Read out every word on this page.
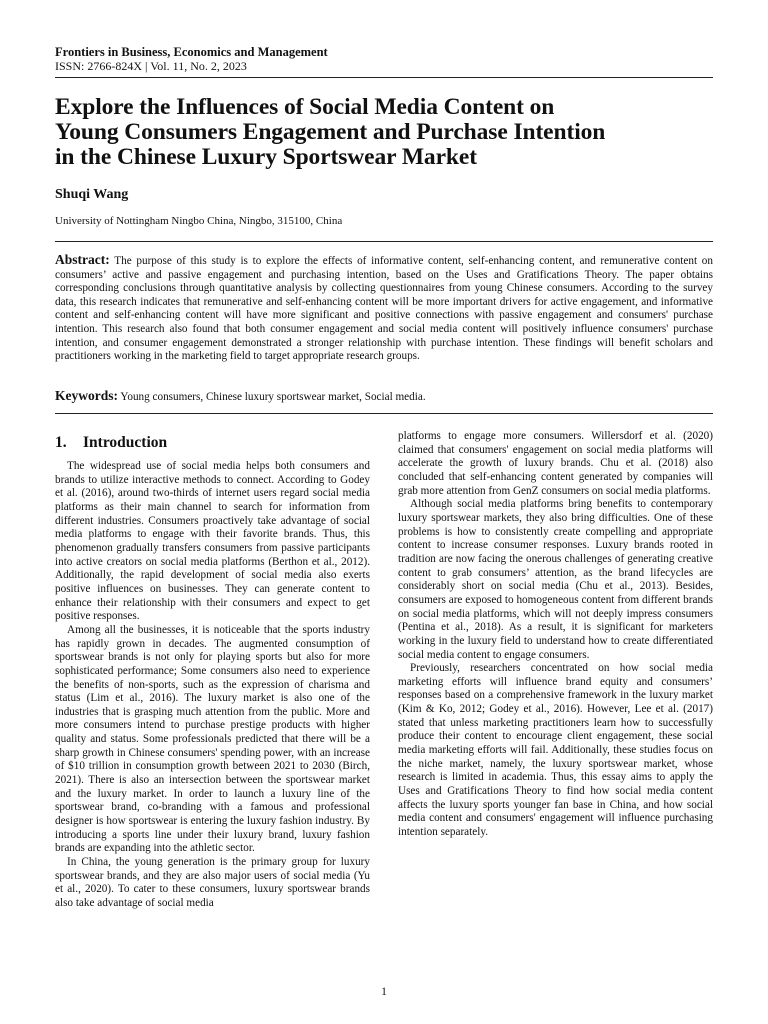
Frontiers in Business, Economics and Management
ISSN: 2766-824X | Vol. 11, No. 2, 2023
Explore the Influences of Social Media Content on
Young Consumers Engagement and Purchase Intention
in the Chinese Luxury Sportswear Market
Shuqi Wang
University of Nottingham Ningbo China, Ningbo, 315100, China

Abstract: The purpose of this study is to explore the effects of informative content, self-enhancing content, and remunerative content on consumers’ active and passive engagement and purchasing intention, based on the Uses and Gratifications Theory. The paper obtains corresponding conclusions through quantitative analysis by collecting questionnaires from young Chinese consumers. According to the survey data, this research indicates that remunerative and self-enhancing content will be more important drivers for active engagement, and informative content and self-enhancing content will have more significant and positive connections with passive engagement and consumers' purchase intention. This research also found that both consumer engagement and social media content will positively influence consumers' purchase intention, and consumer engagement demonstrated a stronger relationship with purchase intention. These findings will benefit scholars and practitioners working in the marketing field to target appropriate research groups.

Keywords: Young consumers, Chinese luxury sportswear market, Social media.
1. Introduction

The widespread use of social media helps both consumers and brands to utilize interactive methods to connect. According to Godey et al. (2016), around two-thirds of internet users regard social media platforms as their main channel to search for information from different industries. Consumers proactively take advantage of social media platforms to engage with their favorite brands. Thus, this phenomenon gradually transfers consumers from passive participants into active creators on social media platforms (Berthon et al., 2012). Additionally, the rapid development of social media also exerts positive influences on businesses. They can generate content to enhance their relationship with their consumers and expect to get positive responses.

Among all the businesses, it is noticeable that the sports industry has rapidly grown in decades. The augmented consumption of sportswear brands is not only for playing sports but also for more sophisticated performance; Some consumers also need to experience the benefits of non-sports, such as the expression of charisma and status (Lim et al., 2016). The luxury market is also one of the industries that is grasping much attention from the public. More and more consumers intend to purchase prestige products with higher quality and status. Some professionals predicted that there will be a sharp growth in Chinese consumers' spending power, with an increase of $10 trillion in consumption growth between 2021 to 2030 (Birch, 2021). There is also an intersection between the sportswear market and the luxury market. In order to launch a luxury line of the sportswear brand, co-branding with a famous and professional designer is how sportswear is entering the luxury fashion industry. By introducing a sports line under their luxury brand, luxury fashion brands are expanding into the athletic sector.

In China, the young generation is the primary group for luxury sportswear brands, and they are also major users of social media (Yu et al., 2020). To cater to these consumers, luxury sportswear brands also take advantage of social media

platforms to engage more consumers. Willersdorf et al. (2020) claimed that consumers' engagement on social media platforms will accelerate the growth of luxury brands. Chu et al. (2018) also concluded that self-enhancing content generated by companies will grab more attention from GenZ consumers on social media platforms.

Although social media platforms bring benefits to contemporary luxury sportswear markets, they also bring difficulties. One of these problems is how to consistently create compelling and appropriate content to increase consumer responses. Luxury brands rooted in tradition are now facing the onerous challenges of generating creative content to grab consumers’ attention, as the brand lifecycles are considerably short on social media (Chu et al., 2013). Besides, consumers are exposed to homogeneous content from different brands on social media platforms, which will not deeply impress consumers (Pentina et al., 2018). As a result, it is significant for marketers working in the luxury field to understand how to create differentiated social media content to engage consumers.

Previously, researchers concentrated on how social media marketing efforts will influence brand equity and consumers’ responses based on a comprehensive framework in the luxury market (Kim & Ko, 2012; Godey et al., 2016). However, Lee et al. (2017) stated that unless marketing practitioners learn how to successfully produce their content to encourage client engagement, these social media marketing efforts will fail. Additionally, these studies focus on the niche market, namely, the luxury sportswear market, whose research is limited in academia. Thus, this essay aims to apply the Uses and Gratifications Theory to find how social media content affects the luxury sports younger fan base in China, and how social media content and consumers' engagement will influence purchasing intention separately.

1
